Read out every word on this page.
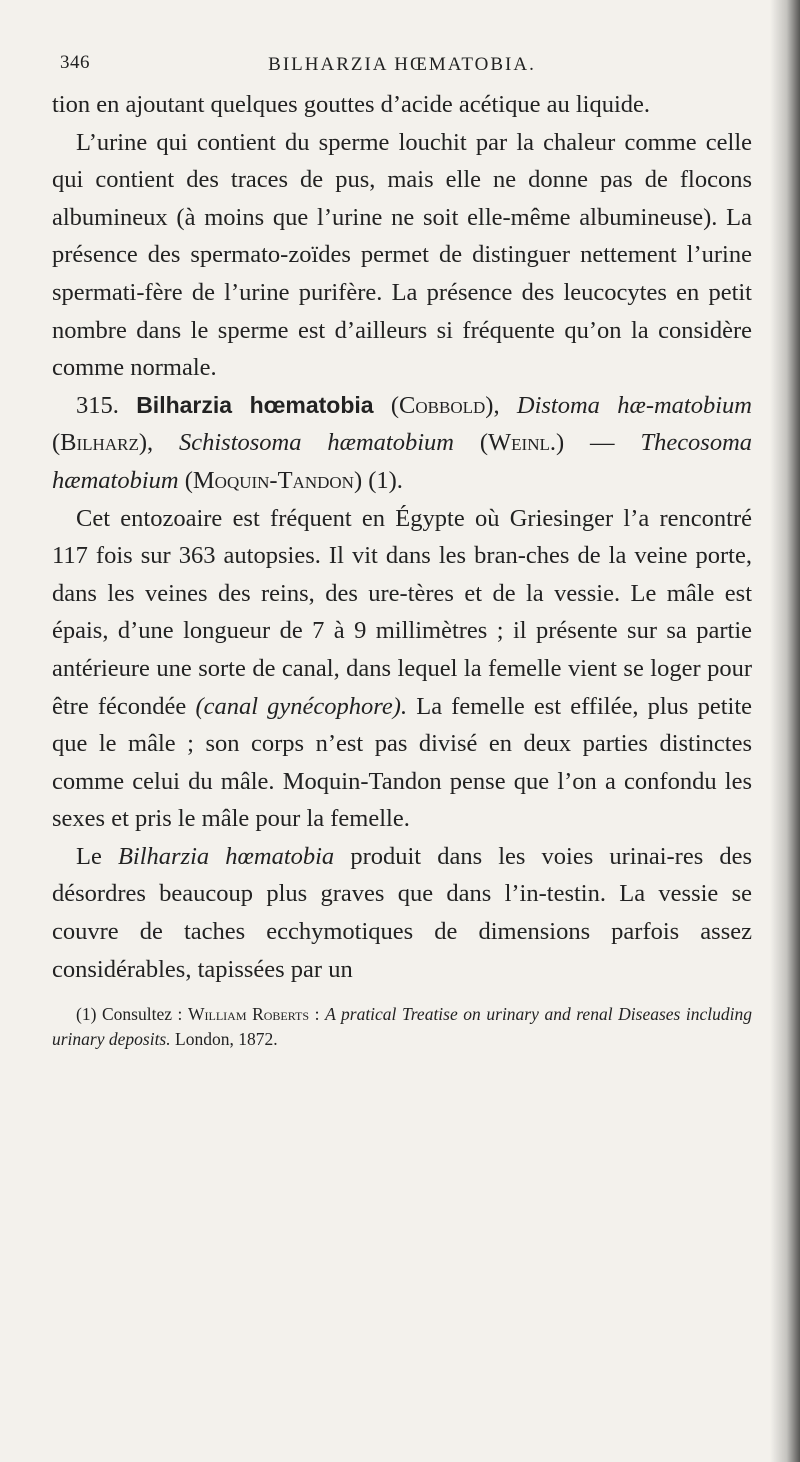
346	BILHARZIA HŒMATOBIA.

tion en ajoutant quelques gouttes d’acide acétique au liquide.

L’urine qui contient du sperme louchit par la chaleur comme celle qui contient des traces de pus, mais elle ne donne pas de flocons albumineux (à moins que l’urine ne soit elle-même albumineuse). La présence des spermato-zoïdes permet de distinguer nettement l’urine spermati-fère de l’urine purifère. La présence des leucocytes en petit nombre dans le sperme est d’ailleurs si fréquente qu’on la considère comme normale.

315. Bilharzia hœmatobia (Cobbold), Distoma hæ-matobium (Bilharz), Schistosoma hæmatobium (Weinl.) — Thecosoma hæmatobium (Moquin-Tandon) (1).

Cet entozoaire est fréquent en Égypte où Griesinger l’a rencontré 117 fois sur 363 autopsies. Il vit dans les bran-ches de la veine porte, dans les veines des reins, des ure-tères et de la vessie. Le mâle est épais, d’une longueur de 7 à 9 millimètres ; il présente sur sa partie antérieure une sorte de canal, dans lequel la femelle vient se loger pour être fécondée (canal gynécophore). La femelle est effilée, plus petite que le mâle ; son corps n’est pas divisé en deux parties distinctes comme celui du mâle. Moquin-Tandon pense que l’on a confondu les sexes et pris le mâle pour la femelle.

Le Bilharzia hœmatobia produit dans les voies urinai-res des désordres beaucoup plus graves que dans l’in-testin. La vessie se couvre de taches ecchymotiques de dimensions parfois assez considérables, tapissées par un

(1) Consultez : William Roberts : A pratical Treatise on urinary and renal Diseases including urinary deposits. London, 1872.
